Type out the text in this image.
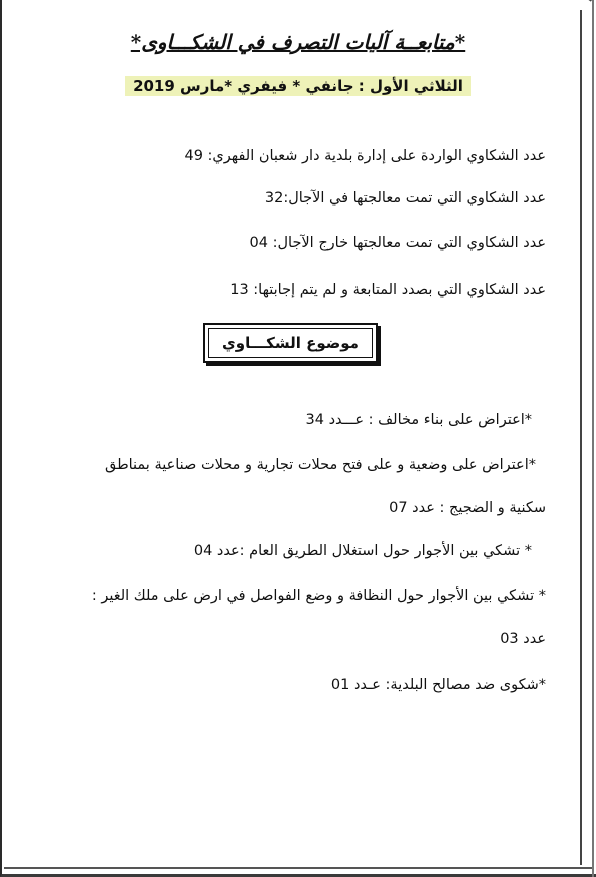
*متابعــة آليات التصرف في الشكـــاوى*
الثلاثي الأول : جانفي * فيفري *مارس 2019
عدد الشكاوي الواردة على إدارة بلدية دار شعبان الفهري: 49
عدد الشكاوي التي تمت معالجتها في الآجال:32
عدد الشكاوي التي تمت معالجتها خارج الآجال: 04
عدد الشكاوي التي بصدد المتابعة و لم يتم إجابتها: 13
موضوع الشكـــاوي
*اعتراض على بناء مخالف : عـــدد 34
*اعتراض على وضعية و على فتح محلات تجارية و محلات صناعية بمناطق
سكنية و الضجيج : عدد 07
* تشكي بين الأجوار حول استغلال الطريق العام :عدد 04
* تشكي بين الأجوار حول النظافة و وضع الفواصل في ارض على ملك الغير :
عدد 03
*شكوى ضد مصالح البلدية: عـدد 01
